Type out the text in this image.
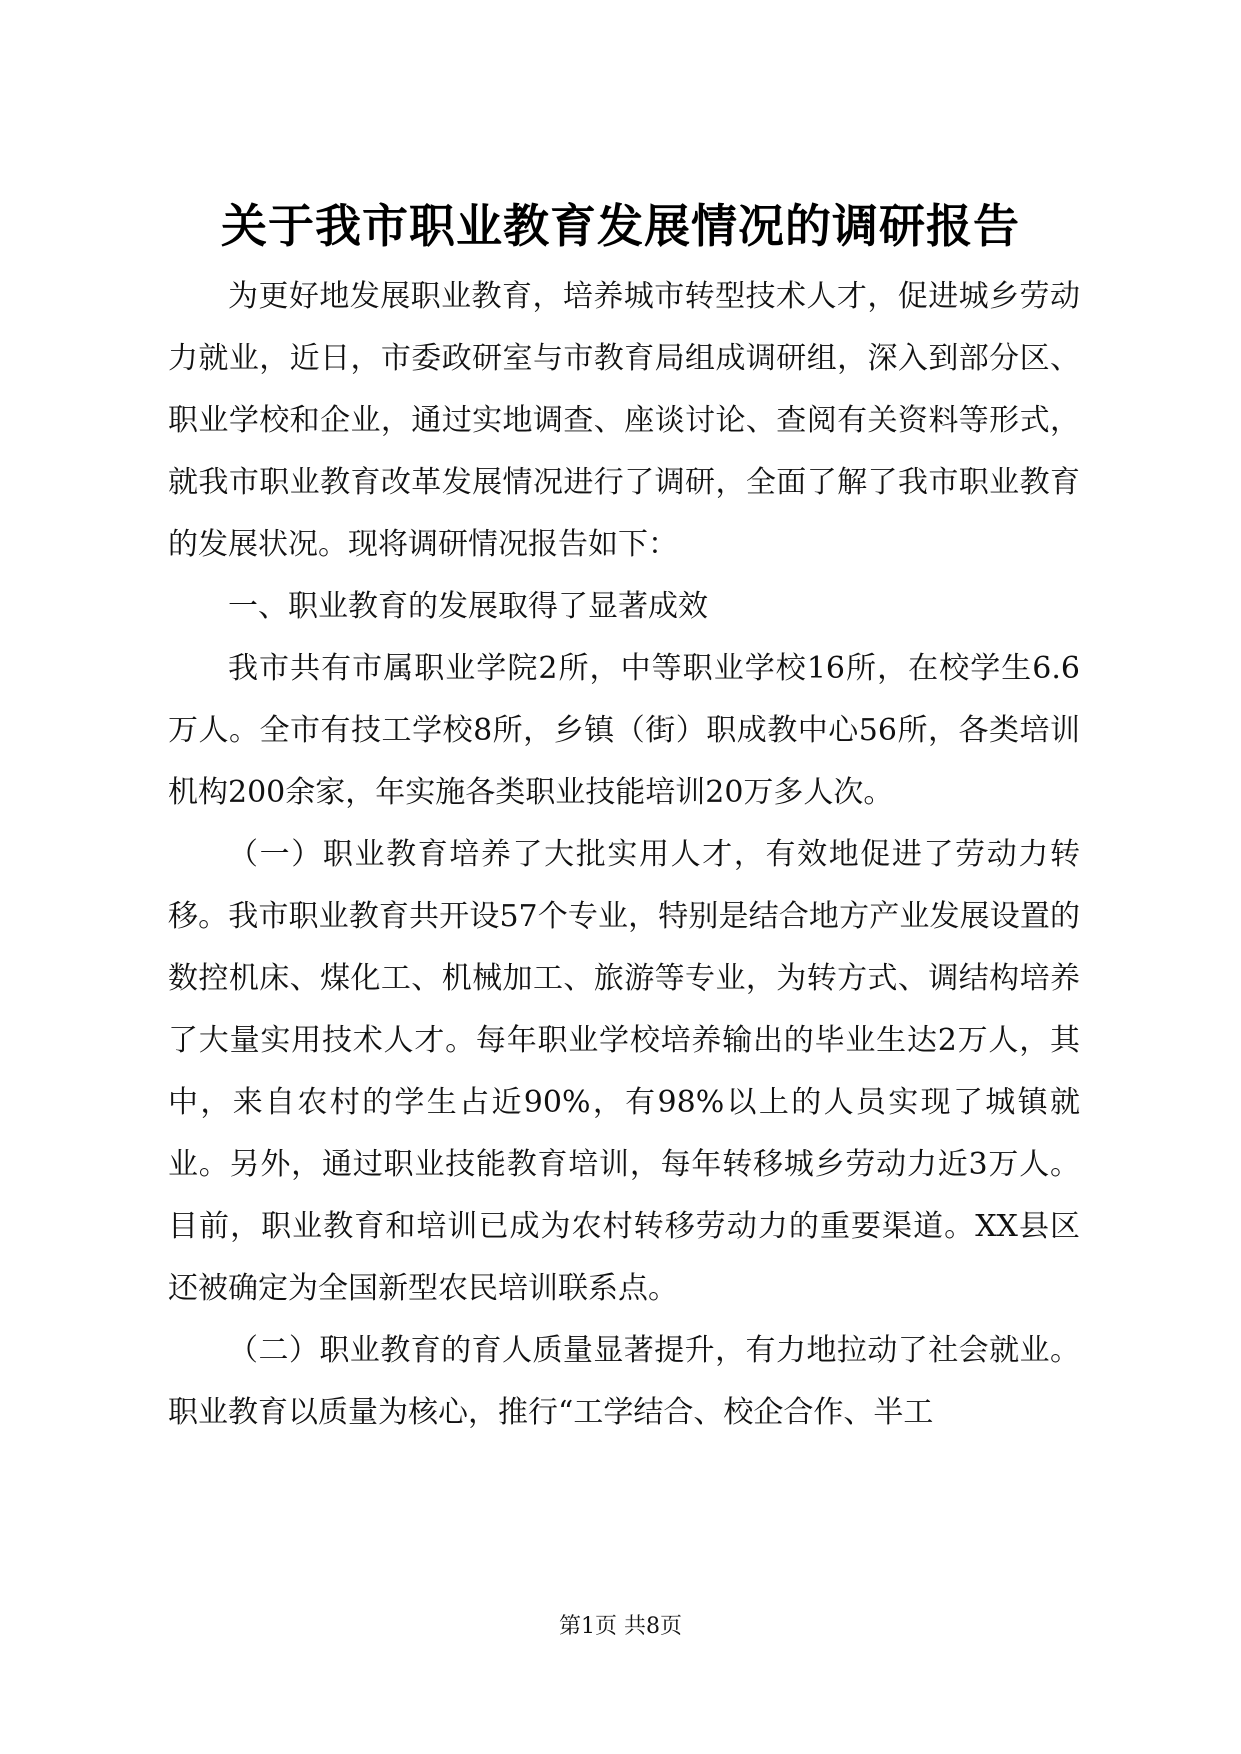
关于我市职业教育发展情况的调研报告

为更好地发展职业教育，培养城市转型技术人才，促进城乡劳动力就业，近日，市委政研室与市教育局组成调研组，深入到部分区、职业学校和企业，通过实地调查、座谈讨论、查阅有关资料等形式，就我市职业教育改革发展情况进行了调研，全面了解了我市职业教育的发展状况。现将调研情况报告如下：

一、职业教育的发展取得了显著成效

我市共有市属职业学院2所，中等职业学校16所，在校学生6.6万人。全市有技工学校8所，乡镇（街）职成教中心56所，各类培训机构200余家，年实施各类职业技能培训20万多人次。

（一）职业教育培养了大批实用人才，有效地促进了劳动力转移。我市职业教育共开设57个专业，特别是结合地方产业发展设置的数控机床、煤化工、机械加工、旅游等专业，为转方式、调结构培养了大量实用技术人才。每年职业学校培养输出的毕业生达2万人，其中，来自农村的学生占近90%，有98%以上的人员实现了城镇就业。另外，通过职业技能教育培训，每年转移城乡劳动力近3万人。目前，职业教育和培训已成为农村转移劳动力的重要渠道。XX县区还被确定为全国新型农民培训联系点。

（二）职业教育的育人质量显著提升，有力地拉动了社会就业。职业教育以质量为核心，推行“工学结合、校企合作、半工

第1页 共8页
